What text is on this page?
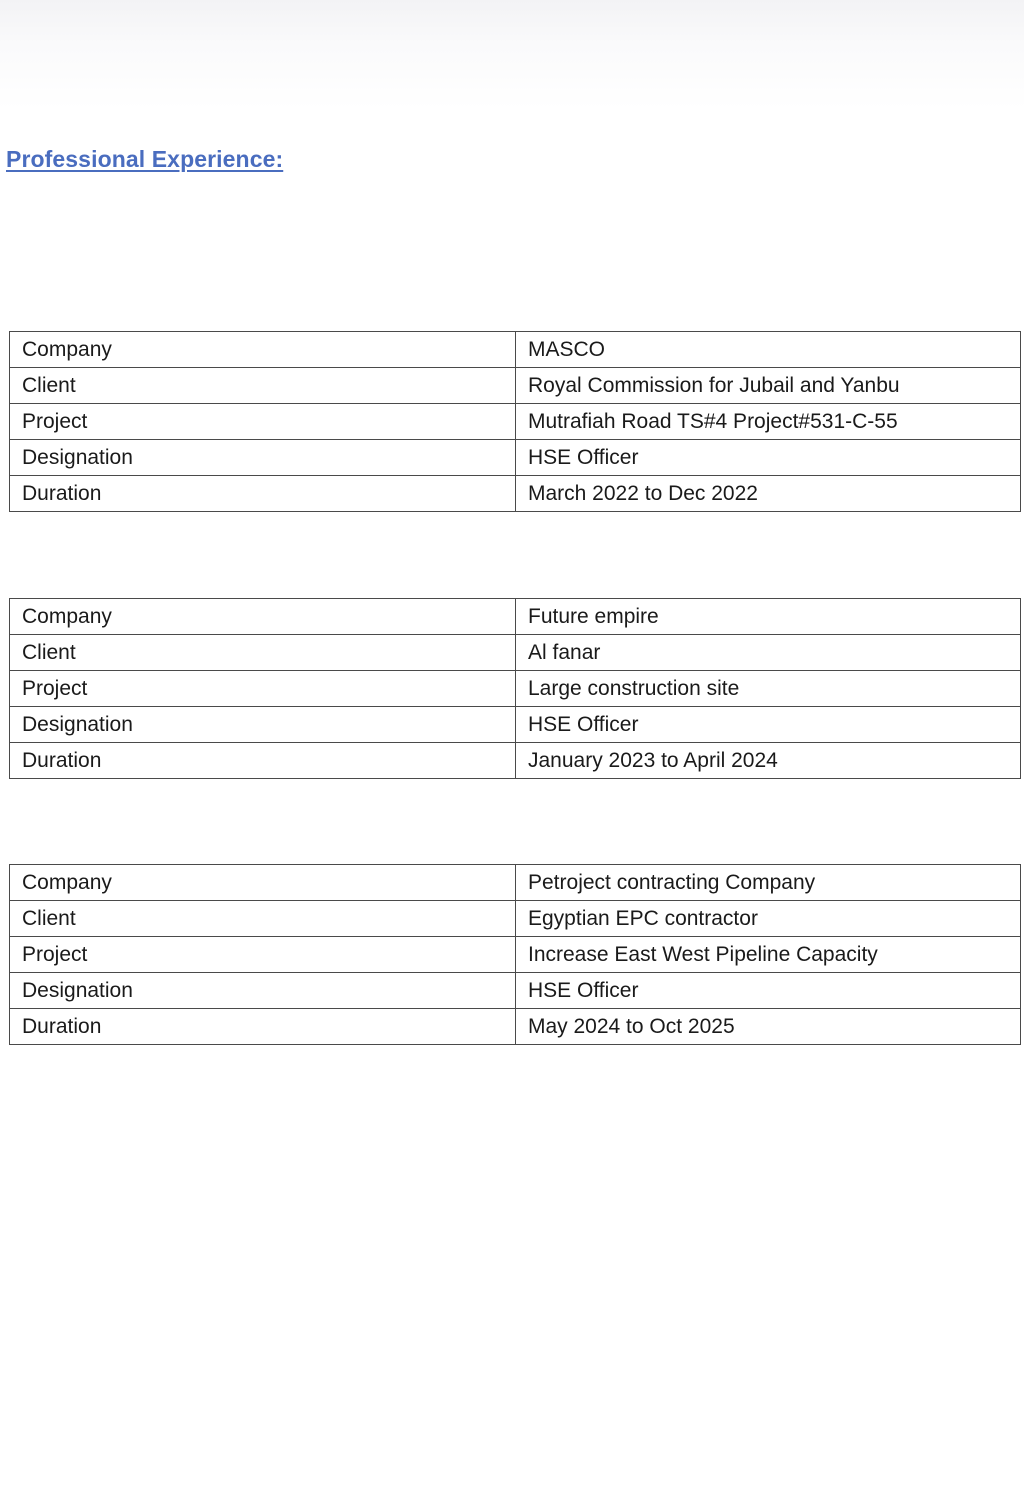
Professional Experience:
Company	MASCO
Client	Royal Commission for Jubail and Yanbu
Project	Mutrafiah Road TS#4 Project#531-C-55
Designation	HSE Officer
Duration	March 2022 to Dec 2022
Company	Future empire
Client	Al fanar
Project	Large construction site
Designation	HSE Officer
Duration	January 2023 to April 2024
Company	Petroject contracting Company
Client	Egyptian EPC contractor
Project	Increase East West Pipeline Capacity
Designation	HSE Officer
Duration	May 2024 to Oct 2025
